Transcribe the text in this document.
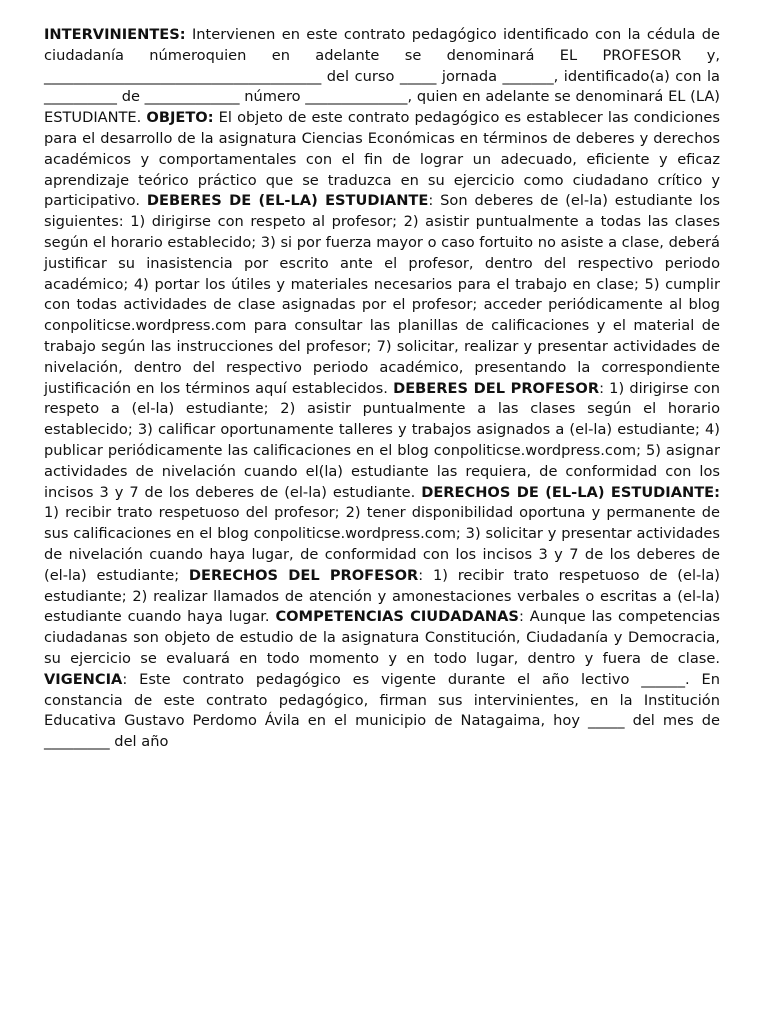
INTERVINIENTES: Intervienen en este contrato pedagógico identificado con la cédula de ciudadanía númeroquien en adelante se denominará EL PROFESOR y, ______________________________________ del curso _____ jornada _______, identificado(a) con la __________ de _____________ número ______________, quien en adelante se denominará EL (LA) ESTUDIANTE. OBJETO: El objeto de este contrato pedagógico es establecer las condiciones para el desarrollo de la asignatura Ciencias Económicas en términos de deberes y derechos académicos y comportamentales con el fin de lograr un adecuado, eficiente y eficaz aprendizaje teórico práctico que se traduzca en su ejercicio como ciudadano crítico y participativo. DEBERES DE (EL-LA) ESTUDIANTE: Son deberes de (el-la) estudiante los siguientes: 1) dirigirse con respeto al profesor; 2) asistir puntualmente a todas las clases según el horario establecido; 3) si por fuerza mayor o caso fortuito no asiste a clase, deberá justificar su inasistencia por escrito ante el profesor, dentro del respectivo periodo académico; 4) portar los útiles y materiales necesarios para el trabajo en clase; 5) cumplir con todas actividades de clase asignadas por el profesor; acceder periódicamente al blog conpoliticse.wordpress.com para consultar las planillas de calificaciones y el material de trabajo según las instrucciones del profesor; 7) solicitar, realizar y presentar actividades de nivelación, dentro del respectivo periodo académico, presentando la correspondiente justificación en los términos aquí establecidos. DEBERES DEL PROFESOR: 1) dirigirse con respeto a (el-la) estudiante; 2) asistir puntualmente a las clases según el horario establecido; 3) calificar oportunamente talleres y trabajos asignados a (el-la) estudiante; 4) publicar periódicamente las calificaciones en el blog conpoliticse.wordpress.com; 5) asignar actividades de nivelación cuando el(la) estudiante las requiera, de conformidad con los incisos 3 y 7 de los deberes de (el-la) estudiante. DERECHOS DE (EL-LA) ESTUDIANTE: 1) recibir trato respetuoso del profesor; 2) tener disponibilidad oportuna y permanente de sus calificaciones en el blog conpoliticse.wordpress.com; 3) solicitar y presentar actividades de nivelación cuando haya lugar, de conformidad con los incisos 3 y 7 de los deberes de (el-la) estudiante; DERECHOS DEL PROFESOR: 1) recibir trato respetuoso de (el-la) estudiante; 2) realizar llamados de atención y amonestaciones verbales o escritas a (el-la) estudiante cuando haya lugar. COMPETENCIAS CIUDADANAS: Aunque las competencias ciudadanas son objeto de estudio de la asignatura Constitución, Ciudadanía y Democracia, su ejercicio se evaluará en todo momento y en todo lugar, dentro y fuera de clase. VIGENCIA: Este contrato pedagógico es vigente durante el año lectivo ______. En constancia de este contrato pedagógico, firman sus intervinientes, en la Institución Educativa Gustavo Perdomo Ávila en el municipio de Natagaima, hoy _____ del mes de _________ del año
